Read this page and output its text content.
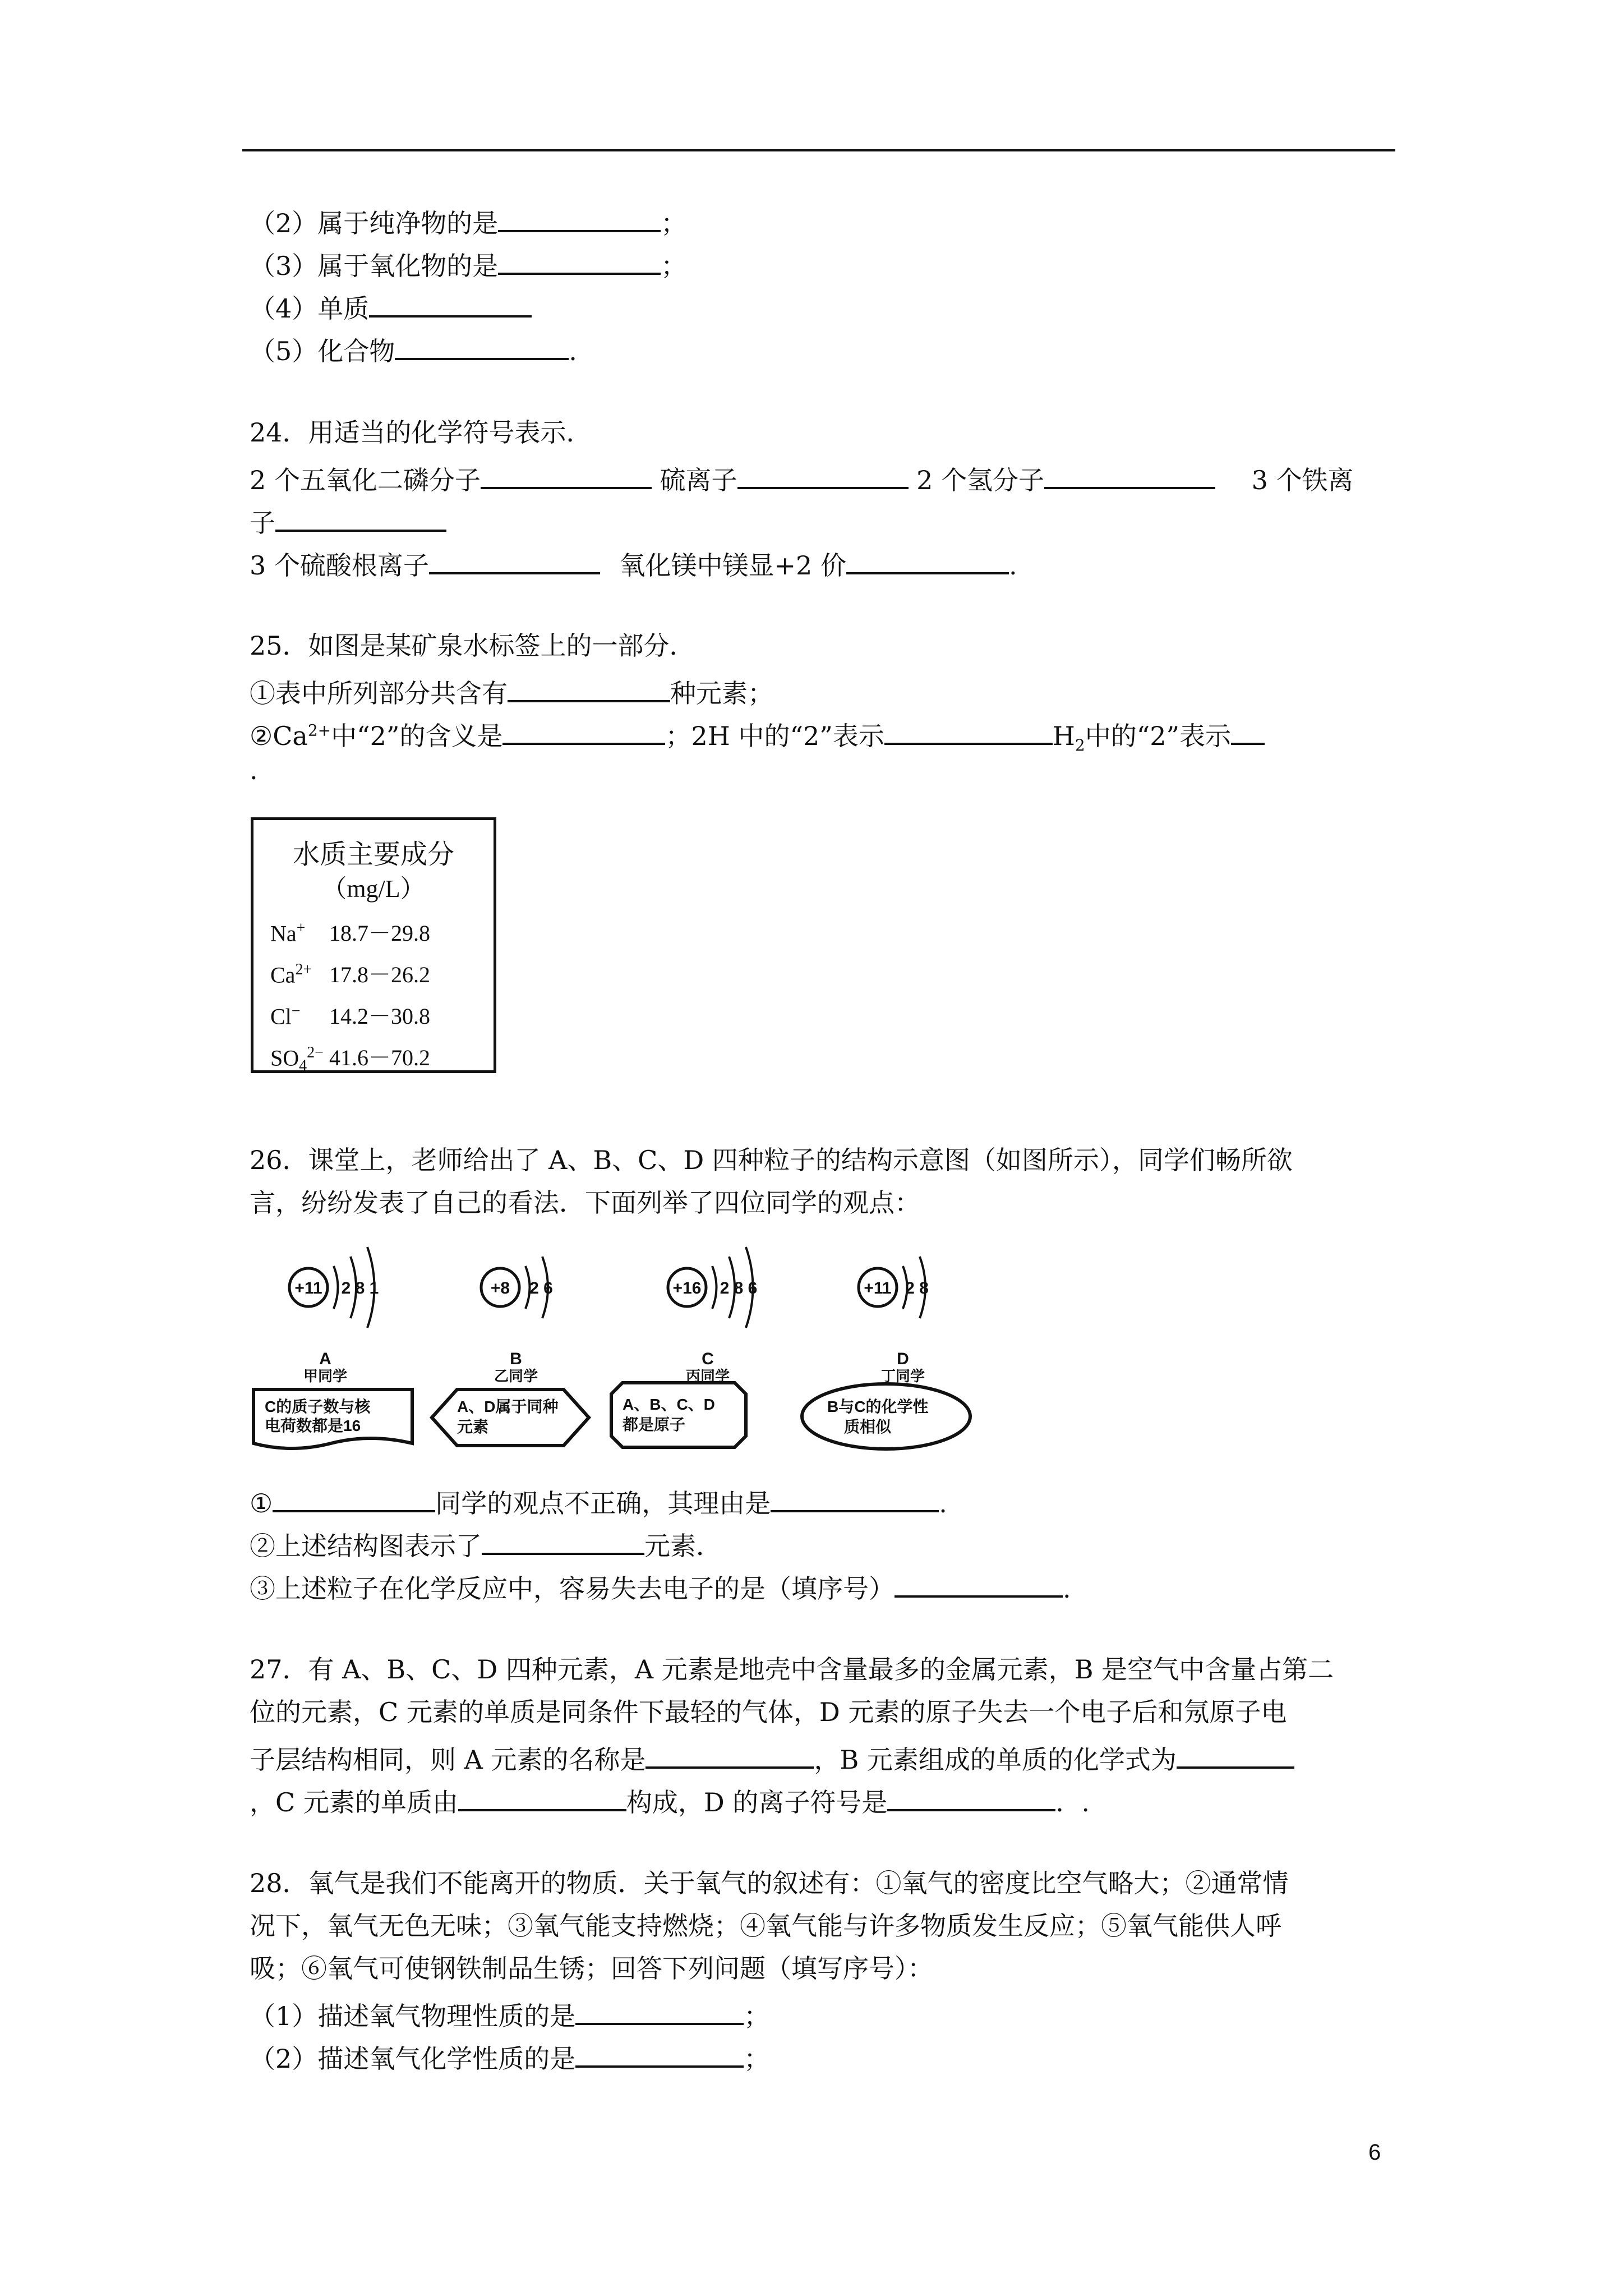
（2）属于纯净物的是	；
（3）属于氧化物的是	；
（4）单质
（5）化合物	.
24．用适当的化学符号表示．
2 个五氧化二磷分子	硫离子	2 个氢分子	3 个铁离
子
3 个硫酸根离子	氧化镁中镁显+2 价	.
25．如图是某矿泉水标签上的一部分．
①表中所列部分共含有	种元素；
$②Ca^{2+}$中“2”的含义是	；2H 中的“2”表示	$H_2$中的“2”表示
.
水质主要成分
（mg/L）
Na+ 18.7－29.8
$Ca^{2+}$ 17.8－26.2
Cl− 14.2－30.8
$SO_4^{2-}$ 41.6－70.2
26．课堂上，老师给出了 A、B、C、D 四种粒子的结构示意图（如图所示），同学们畅所欲
言，纷纷发表了自己的看法．下面列举了四位同学的观点：
+11 2 8 1
A
甲同学
+8 2 6
B
乙同学
+16 2 8 6
C
丙同学
+11 2 8
D
丁同学
C的质子数与核
电荷数都是16
A、D属于同种
元素
A、B、C、D
都是原子
B与C的化学性
质相似
①	同学的观点不正确，其理由是	.
②上述结构图表示了	元素．
③上述粒子在化学反应中，容易失去电子的是（填序号）	.
27．有 A、B、C、D 四种元素，A 元素是地壳中含量最多的金属元素，B 是空气中含量占第二
位的元素，C 元素的单质是同条件下最轻的气体，D 元素的原子失去一个电子后和氖原子电
子层结构相同，则 A 元素的名称是	，B 元素组成的单质的化学式为
，C 元素的单质由	构成，D 的离子符号是	．.
28．氧气是我们不能离开的物质．关于氧气的叙述有：①氧气的密度比空气略大；②通常情
况下，氧气无色无味；③氧气能支持燃烧；④氧气能与许多物质发生反应；⑤氧气能供人呼
吸；⑥氧气可使钢铁制品生锈；回答下列问题（填写序号）：
（1）描述氧气物理性质的是	；
（2）描述氧气化学性质的是	；
6
